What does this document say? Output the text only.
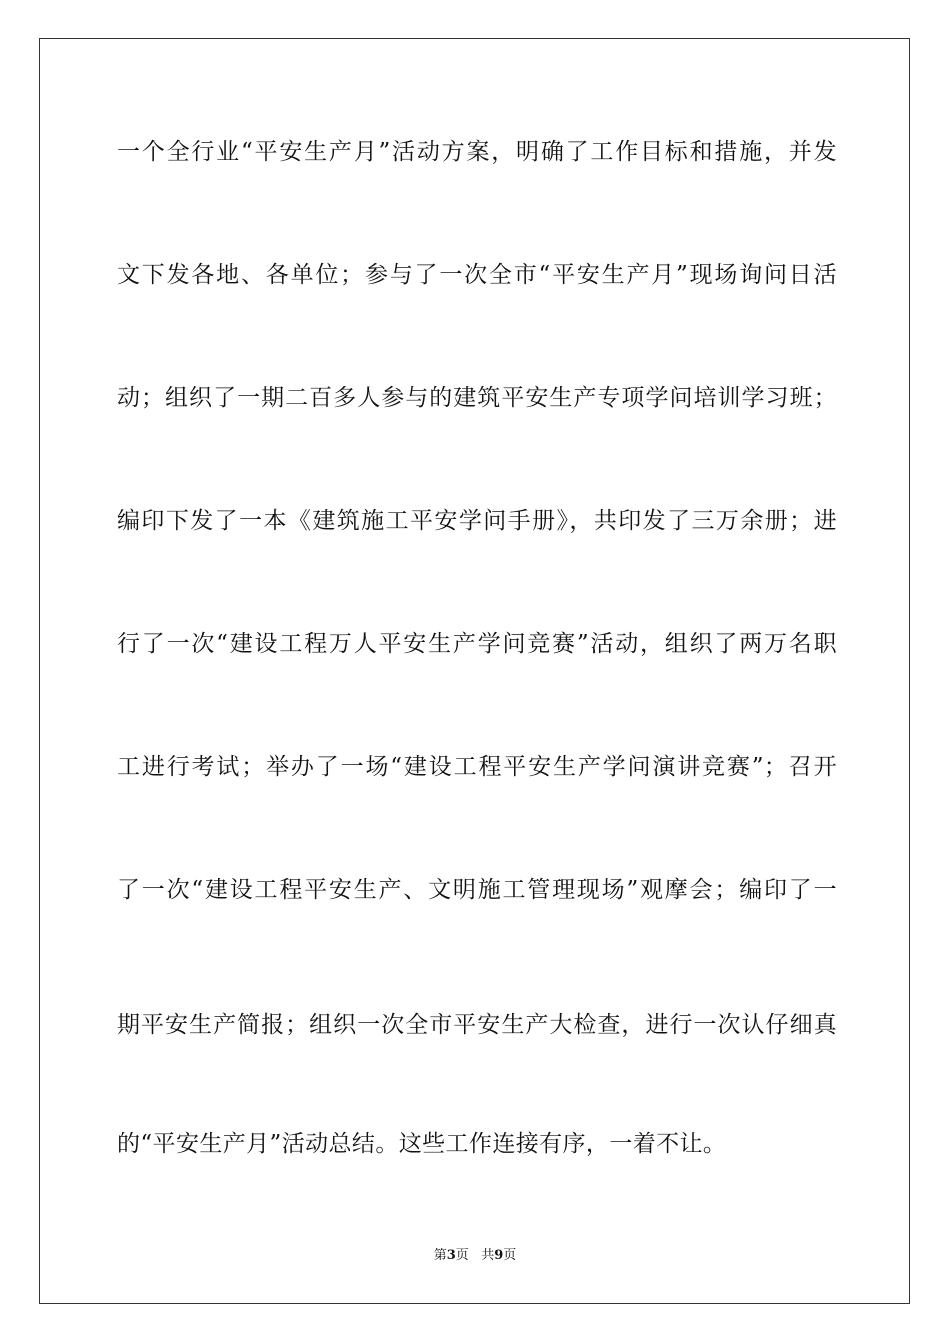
一个全行业“平安生产月”活动方案，明确了工作目标和措施，并发

文下发各地、各单位；参与了一次全市“平安生产月”现场询问日活

动；组织了一期二百多人参与的建筑平安生产专项学问培训学习班；

编印下发了一本《建筑施工平安学问手册》，共印发了三万余册；进

行了一次“建设工程万人平安生产学问竞赛”活动，组织了两万名职

工进行考试；举办了一场“建设工程平安生产学问演讲竞赛”；召开

了一次“建设工程平安生产、文明施工管理现场”观摩会；编印了一

期平安生产简报；组织一次全市平安生产大检查，进行一次认仔细真

的“平安生产月”活动总结。这些工作连接有序，一着不让。

第3页 共9页
